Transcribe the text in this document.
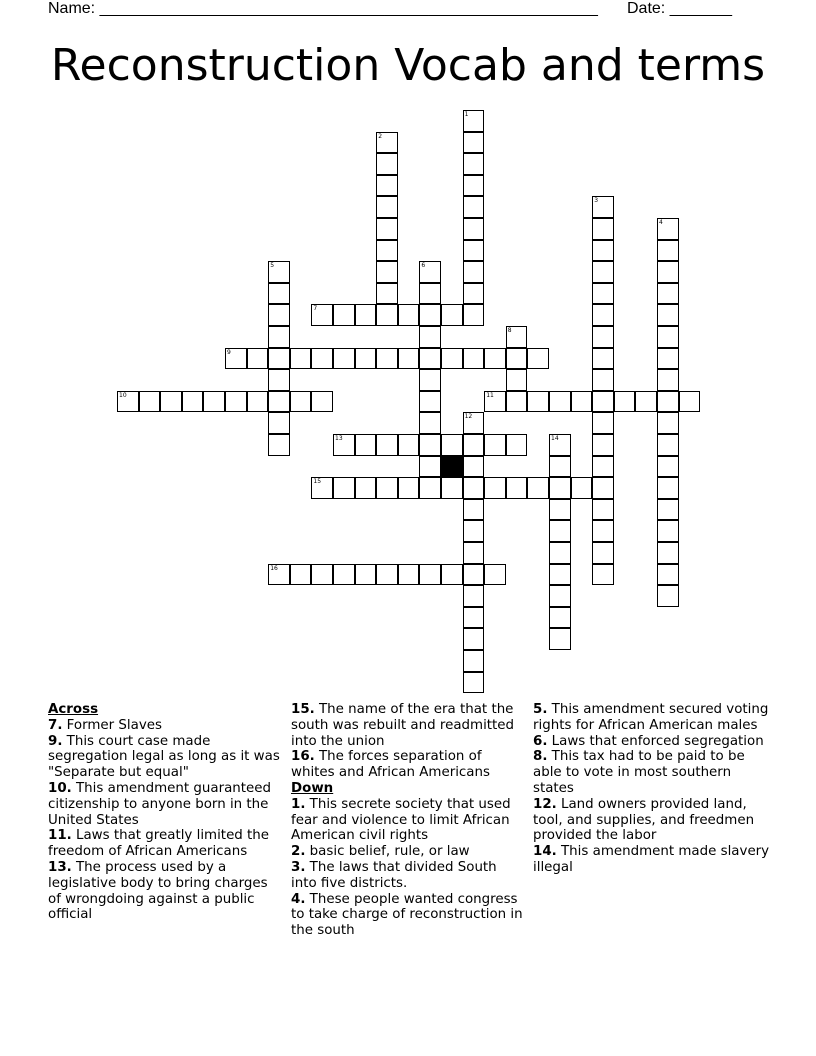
Name: ________________________________________________________ Date: _______
Reconstruction Vocab and terms
1
2
3
4
5	6
7
8
9
10	11
12
13	14
15
16
Across
7. Former Slaves
9. This court case made segregation legal as long as it was "Separate but equal"
10. This amendment guaranteed citizenship to anyone born in the United States
11. Laws that greatly limited the freedom of African Americans
13. The process used by a legislative body to bring charges of wrongdoing against a public official
15. The name of the era that the south was rebuilt and readmitted into the union
16. The forces separation of whites and African Americans
Down
1. This secrete society that used fear and violence to limit African American civil rights
2. basic belief, rule, or law
3. The laws that divided South into five districts.
4. These people wanted congress to take charge of reconstruction in the south
5. This amendment secured voting rights for African American males
6. Laws that enforced segregation
8. This tax had to be paid to be able to vote in most southern states
12. Land owners provided land, tool, and supplies, and freedmen provided the labor
14. This amendment made slavery illegal
